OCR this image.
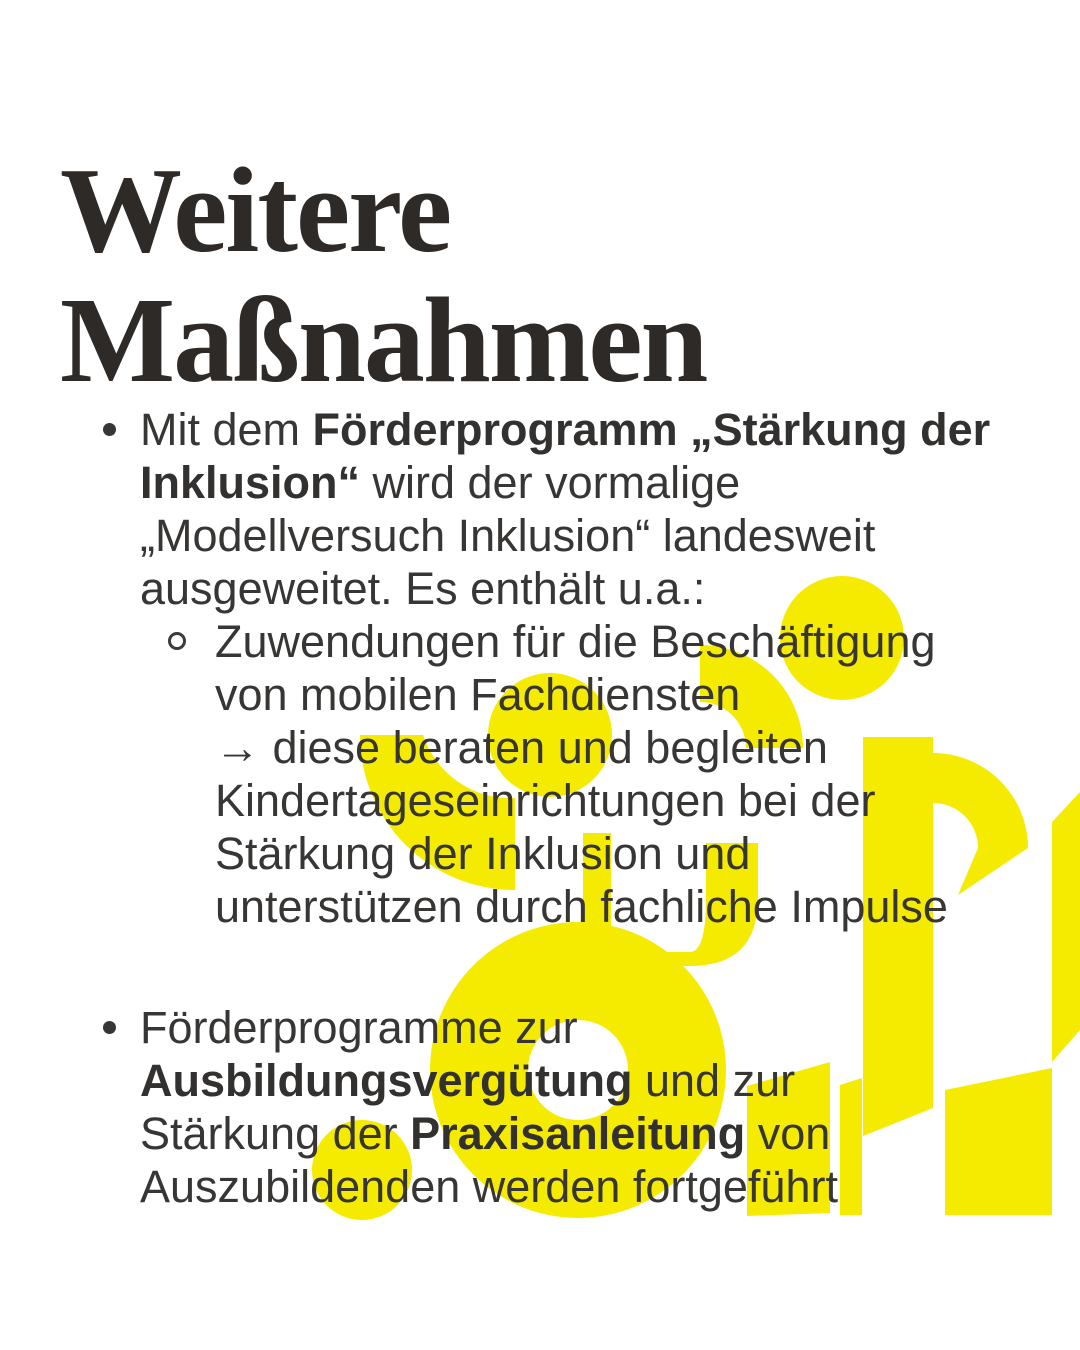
Weitere
Maßnahmen
Mit dem Förderprogramm „Stärkung der
Inklusion“ wird der vormalige
„Modellversuch Inklusion“ landesweit
ausgeweitet. Es enthält u.a.:
Zuwendungen für die Beschäftigung
von mobilen Fachdiensten
→ diese beraten und begleiten
Kindertageseinrichtungen bei der
Stärkung der Inklusion und
unterstützen durch fachliche Impulse
Förderprogramme zur
Ausbildungsvergütung und zur
Stärkung der Praxisanleitung von
Auszubildenden werden fortgeführt
